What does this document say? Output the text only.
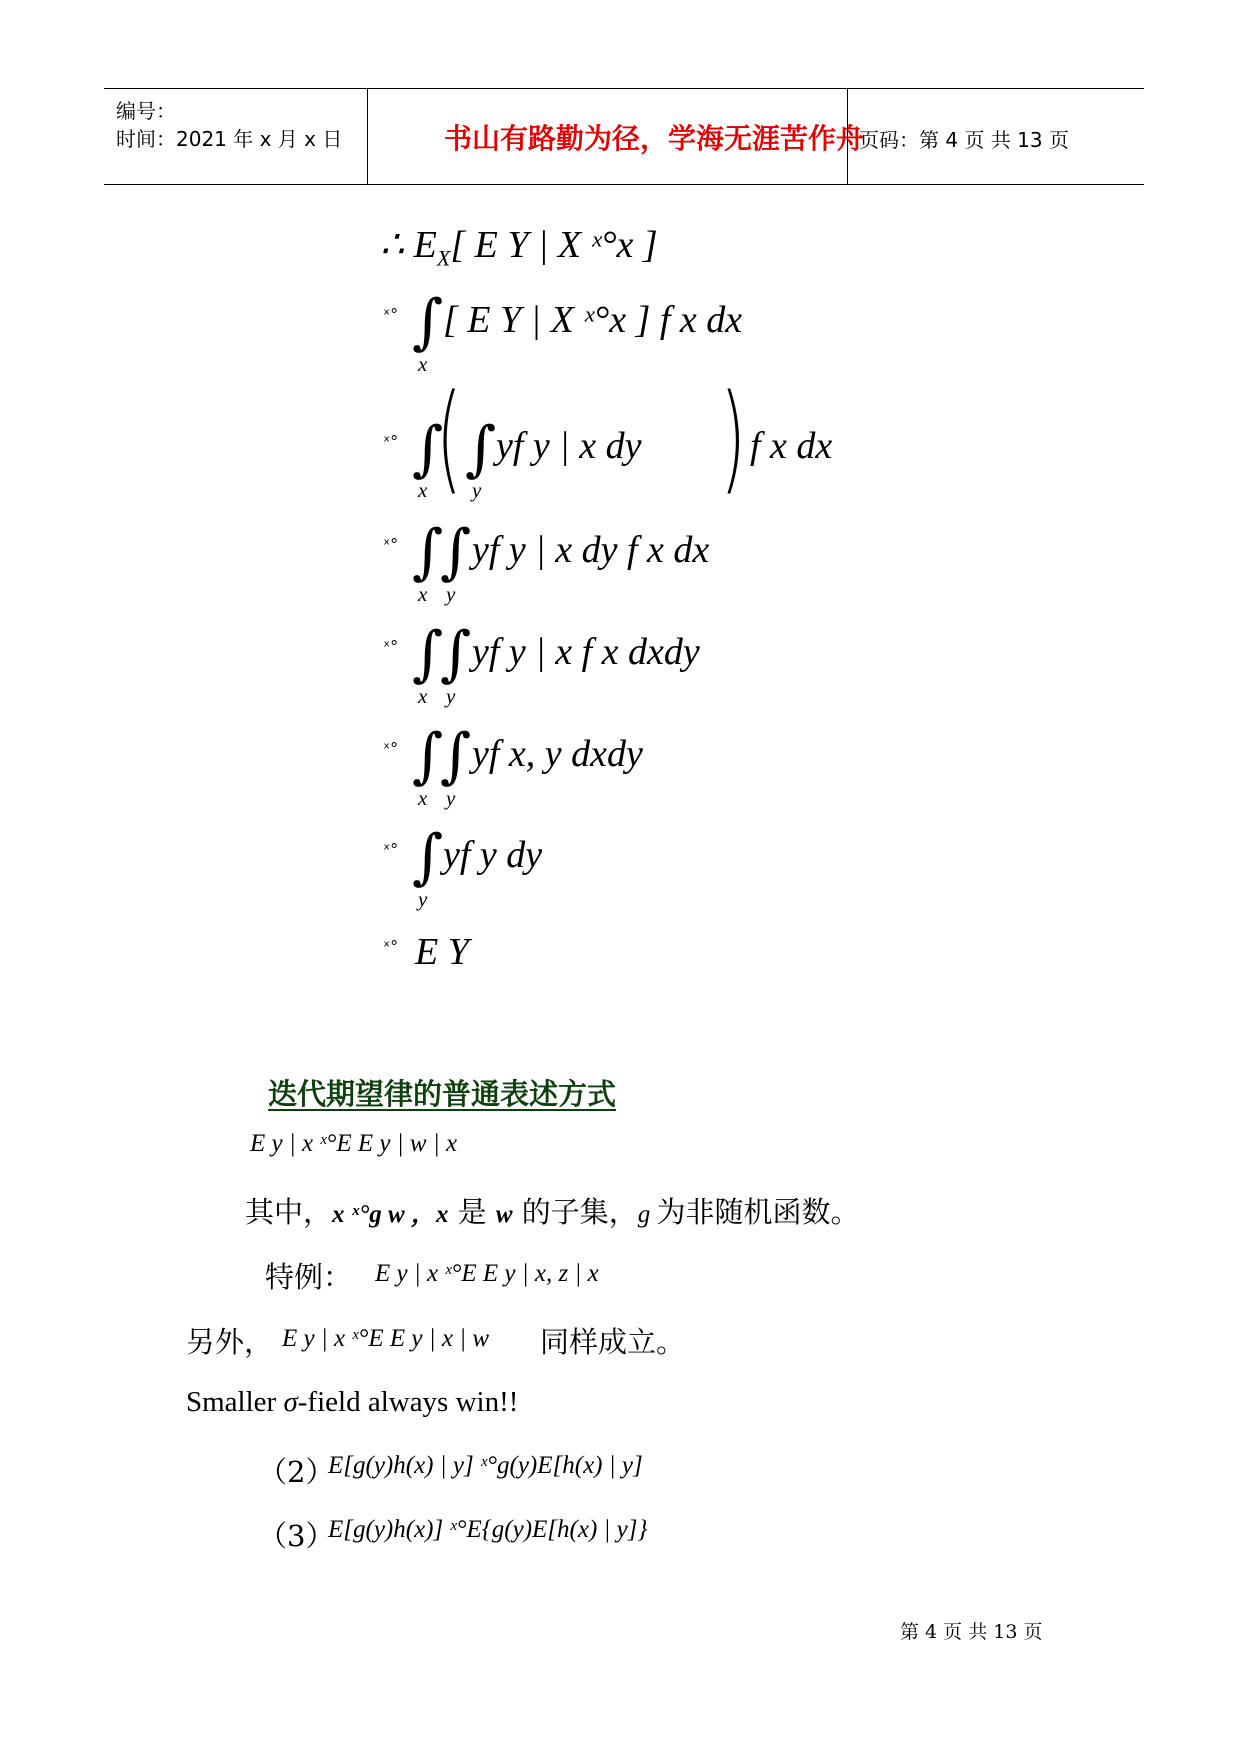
编号：
时间：2021 年 x 月 x 日	书山有路勤为径，学海无涯苦作舟
页码：第 4 页 共 13 页
∴ $E_X$[ E Y | X ˣ°x ]
ˣ° ∫
x
[ E Y | X ˣ°x ] f x dx
ˣ° ∫
x ( ∫
y
yf y | x dy ) f x dx
ˣ° ∫
∫
x y
yf y | x dy f x dx
ˣ° ∫
∫
x y
yf y | x f x dxdy
ˣ° ∫
∫
x y
yf x, y dxdy
ˣ° ∫
y
yf y dy
ˣ° E Y
迭代期望律的普通表述方式
E y | x ˣ°E E y | w | x
其中，x ˣ°g w ，x 是 w 的子集，g 为非随机函数。
特例： E y | x ˣ°E E y | x, z | x
另外， E y | x ˣ°E E y | x | w 同样成立。
Smaller σ-field always win!!
（2）
E[g(y)h(x) | y] ˣ°g(y)E[h(x) | y]
（3）
E[g(y)h(x)] ˣ°E{g(y)E[h(x) | y]}
第 4 页 共 13 页
